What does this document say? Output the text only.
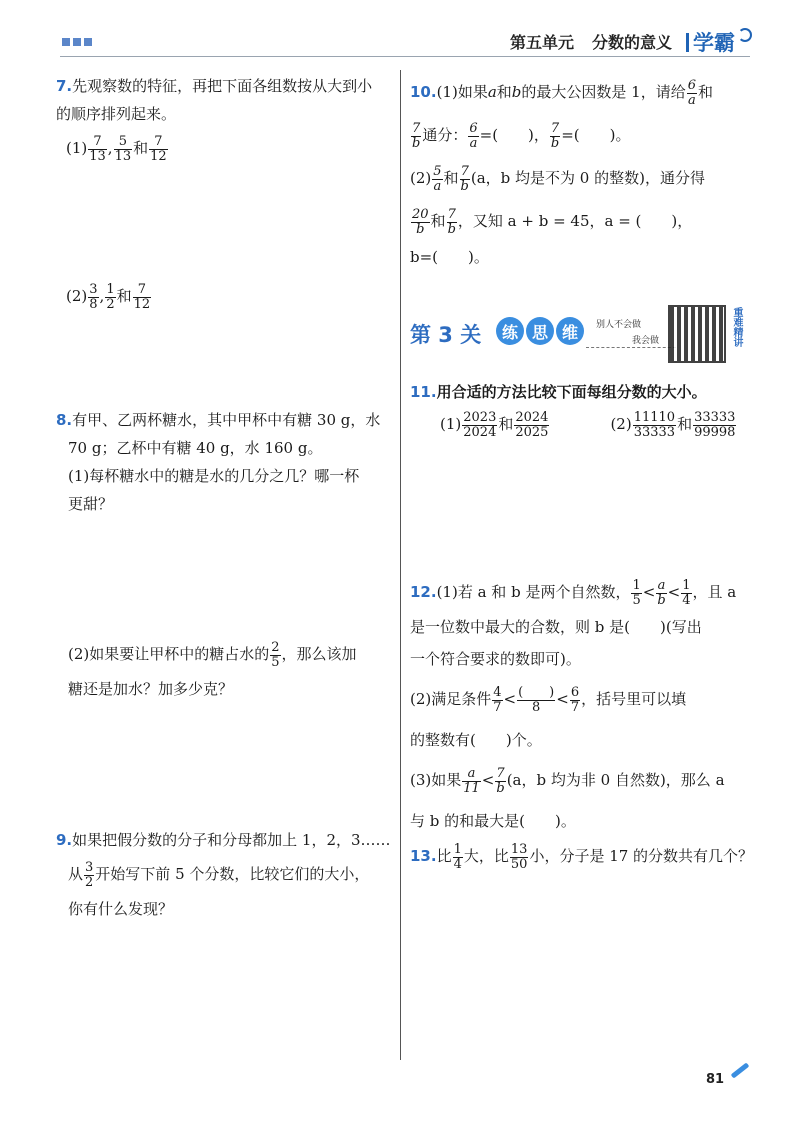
第五单元 分数的意义 学霸

7.先观察数的特征，再把下面各组数按从大到小

的顺序排列起来。

$(1) \frac{7}{13}$ , $\frac{5}{13}$ 和 $\frac{7}{12}$

$(2) \frac{3}{8}$ , $\frac{1}{2}$ 和 $\frac{7}{12}$

8.有甲、乙两杯糖水，其中甲杯中有糖 30 g，水

70 g；乙杯中有糖 40 g，水 160 g。

(1)每杯糖水中的糖是水的几分之几？哪一杯

更甜？

(2)如果要让甲杯中的糖占水的 $\frac{2}{5}$ ，那么该加

糖还是加水？加多少克？

9.如果把假分数的分子和分母都加上 1，2，3……

从 $\frac{3}{2}$ 开始写下前 5 个分数，比较它们的大小，

你有什么发现？

10.(1)如果a和b的最大公因数是 1，请给 $\frac{6}{a}$ 和

$\frac{7}{b}$ 通分： $\frac{6}{a}$ =(　　)， $\frac{7}{b}$ =(　　)。

$(2) \frac{5}{a}$ 和 $\frac{7}{b} (a$，b 均是不为 0 的整数)，通分得

$\frac{20}{b}$ 和 $\frac{7}{b}$ ，又知 a + b = 45，a = (　　)，

b=(　　)。

第 3 关	练 思 维	别人不会做
我会做	重难精讲

11.用合适的方法比较下面每组分数的大小。

$(1) \frac{2023}{2024}$ 和 $\frac{2024}{2025}$	$(2) \frac{11110}{33333}$ 和 $\frac{33333}{99998}$

12.(1)若 a 和 b 是两个自然数， $\frac{1}{5} < \frac{a}{b} < \frac{1}{4}$ ，且 a

是一位数中最大的合数，则 b 是(　　)(写出

一个符合要求的数即可)。

(2)满足条件 $\frac{4}{7}$ < (　　)
8	< $\frac{6}{7}$ ，括号里可以填

的整数有(　　)个。

(3)如果 $\frac{a}{11} < \frac{7}{b} (a$，b 均为非 0 自然数)，那么 a

与 b 的和最大是(　　)。

13.比 $\frac{1}{4}$ 大，比 $\frac{13}{50}$ 小，分子是 17 的分数共有几个？

81
